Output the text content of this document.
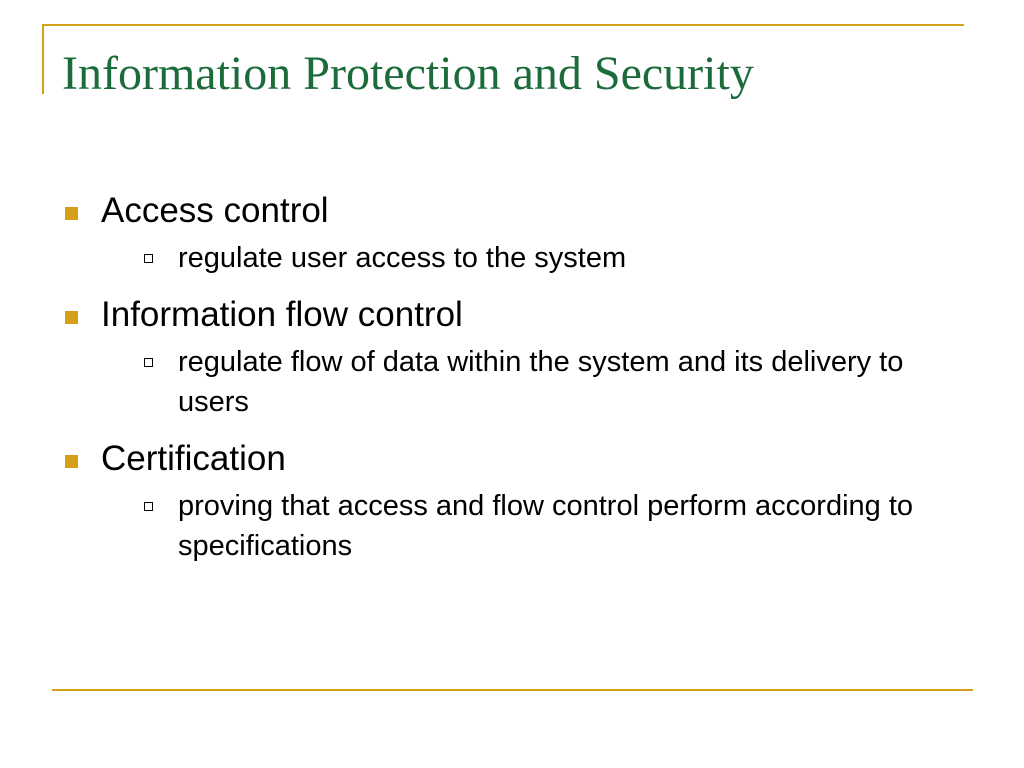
Information Protection and Security
Access control
regulate user access to the system
Information flow control
regulate flow of data within the system and its delivery to users
Certification
proving that access and flow control perform according to specifications
